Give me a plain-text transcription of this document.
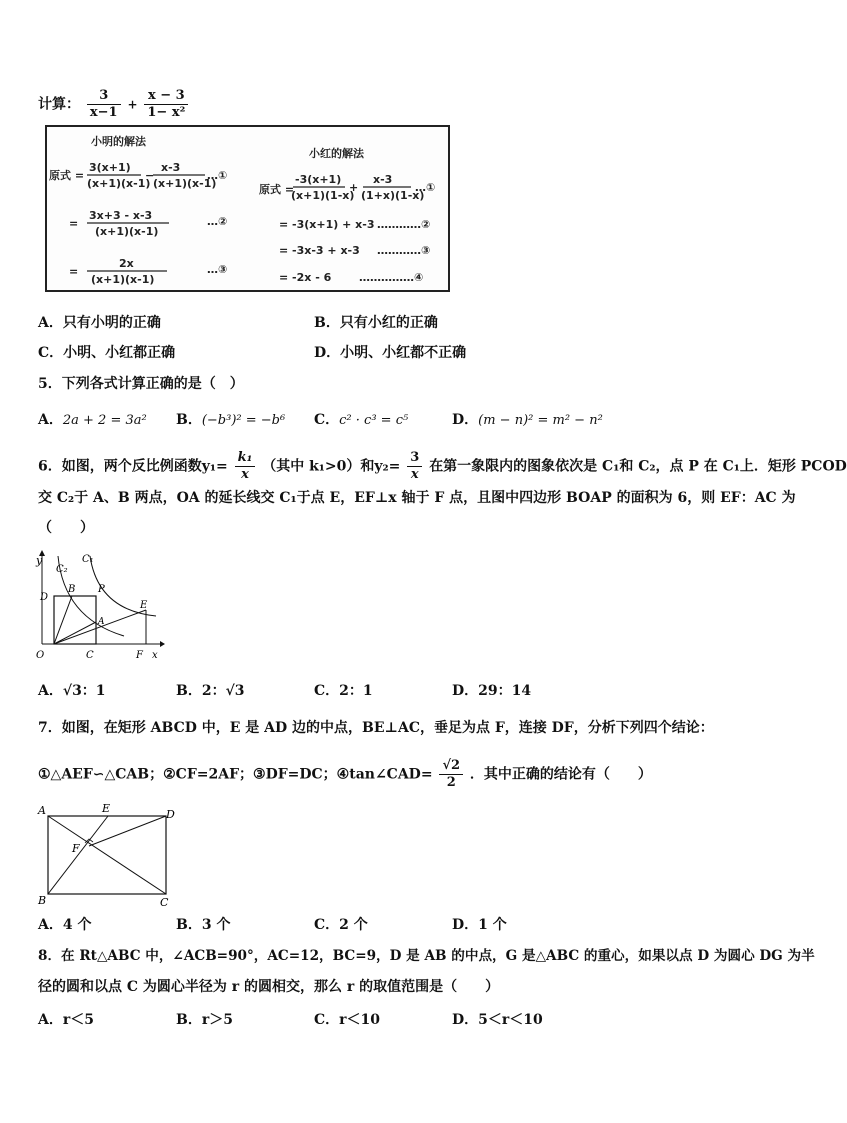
计算： $\frac{3}{x-1} + \frac{x - 3}{\text{1− x²}}$
小明的解法
原式 =
3(x+1)
(x+1)(x-1)
−
x-3
(x+1)(x-1)
…①
=
3x+3 - x-3
(x+1)(x-1)
…②
=
2x
(x+1)(x-1)
…③
小红的解法
原式 =
-3(x+1)
(x+1)(1-x)
+
x-3
(1+x)(1-x)
…①
= -3(x+1) + x-3 …………②
= -3x-3 + x-3 …………③
= -2x - 6	……………④
A．只有小明的正确	B．只有小红的正确
C．小明、小红都正确	D．小明、小红都不正确
5．下列各式计算正确的是（　）
A．2a + 2 = 3a² B．(−b³)² = −b⁶ C．c² · c³ = c⁵	D．(m − n)² = m² − n²
6．如图，两个反比例函数$y_1= \frac{\text{k₁}}{x}$ （其中 k₁>0）和$y_2= \frac{3}{x}$ 在第一象限内的图象依次是 C₁和 C₂，点 P 在 C₁上．矩形 PCOD
交 C₂于 A、B 两点，OA 的延长线交 C₁于点 E，EF⊥x 轴于 F 点，且图中四边形 BOAP 的面积为 6，则 EF：AC 为
（　　）
y
C₂
C₁
B P
D
E
A
O	C	F x
A．√3：1	B．2：√3	C．2：1	D．29：14
7．如图，在矩形 ABCD 中，E 是 AD 边的中点，BE⊥AC，垂足为点 F，连接 DF，分析下列四个结论：
①△AEF∽△CAB；②CF=2AF；③DF=DC；④tan∠CAD= $\frac{√2}{2}$ ．其中正确的结论有（　　）
A	E	D
F
B	C
A．4 个	B．3 个	C．2 个	D．1 个
8．在 Rt△ABC 中，∠ACB=90°，AC=12，BC=9，D 是 AB 的中点，G 是△ABC 的重心，如果以点 D 为圆心 DG 为半
径的圆和以点 C 为圆心半径为 r 的圆相交，那么 r 的取值范围是（　　）
A．r＜5	B．r＞5	C．r＜10	D．5＜r＜10
